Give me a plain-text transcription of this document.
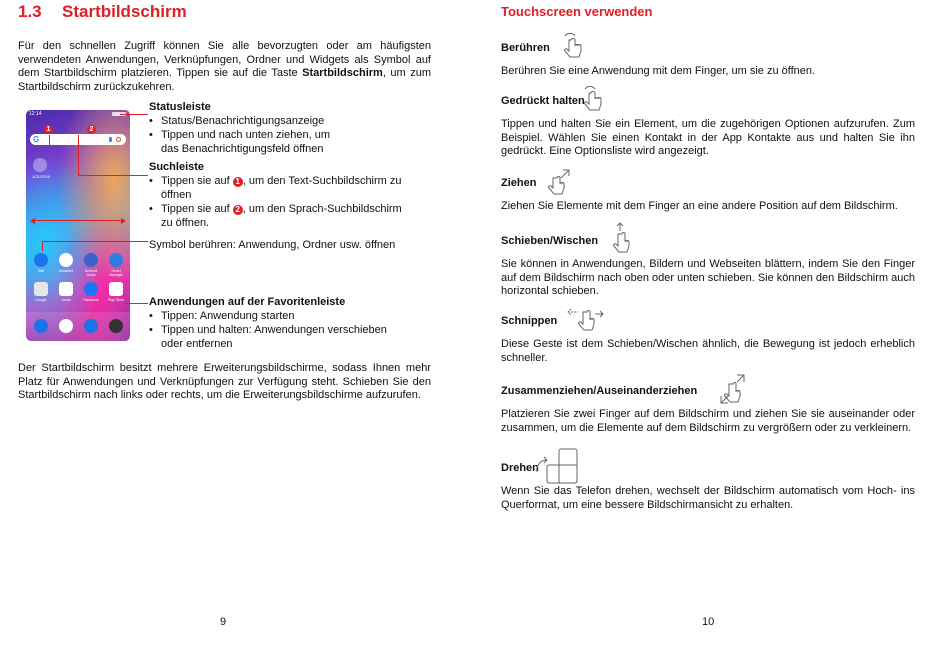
1.3 Startbildschirm
Für den schnellen Zugriff können Sie alle bevorzugten oder am häufigsten verwendeten Anwendungen, Verknüpfungen, Ordner und Widgets als Symbol auf dem Startbildschirm platzieren. Tippen sie auf die Taste Startbildschirm, um zum Startbildschirm zurückzukehren.
12:14
1	2
G
1/21/2026
Dial	Assistant	Android Setup
Smart Manager
Google	Gmail	Facebook	Play Store
Statusleiste
• Status/Benachrichtigungsanzeige
• Tippen und nach unten ziehen, um
das Benachrichtigungsfeld öffnen
Suchleiste
• Tippen sie auf 1 , um den Text-Suchbildschirm zu
öffnen
• Tippen sie auf 2 , um den Sprach-Suchbildschirm
zu öffnen.
Symbol berühren: Anwendung, Ordner usw. öffnen
Anwendungen auf der Favoritenleiste
• Tippen: Anwendung starten
• Tippen und halten: Anwendungen verschieben
oder entfernen
Der Startbildschirm besitzt mehrere Erweiterungsbildschirme, sodass Ihnen mehr Platz für Anwendungen und Verknüpfungen zur Verfügung steht. Schieben Sie den Startbildschirm nach links oder rechts, um die Erweiterungsbildschirme aufzurufen.
9
Touchscreen verwenden
Berühren
Berühren Sie eine Anwendung mit dem Finger, um sie zu öffnen.
Gedrückt halten
Tippen und halten Sie ein Element, um die zugehörigen Optionen aufzurufen. Zum Beispiel. Wählen Sie einen Kontakt in der App Kontakte aus und halten Sie ihn gedrückt. Eine Optionsliste wird angezeigt.
Ziehen
Ziehen Sie Elemente mit dem Finger an eine andere Position auf dem Bildschirm.
Schieben/Wischen
Sie können in Anwendungen, Bildern und Webseiten blättern, indem Sie den Finger auf dem Bildschirm nach oben oder unten schieben. Sie können den Bildschirm auch horizontal schieben.
Schnippen
Diese Geste ist dem Schieben/Wischen ähnlich, die Bewegung ist jedoch erheblich schneller.
Zusammenziehen/Auseinanderziehen
Platzieren Sie zwei Finger auf dem Bildschirm und ziehen Sie sie auseinander oder zusammen, um die Elemente auf dem Bildschirm zu vergrößern oder zu verkleinern.
Drehen
Wenn Sie das Telefon drehen, wechselt der Bildschirm automatisch vom Hoch- ins Querformat, um eine bessere Bildschirmansicht zu erhalten.
10
